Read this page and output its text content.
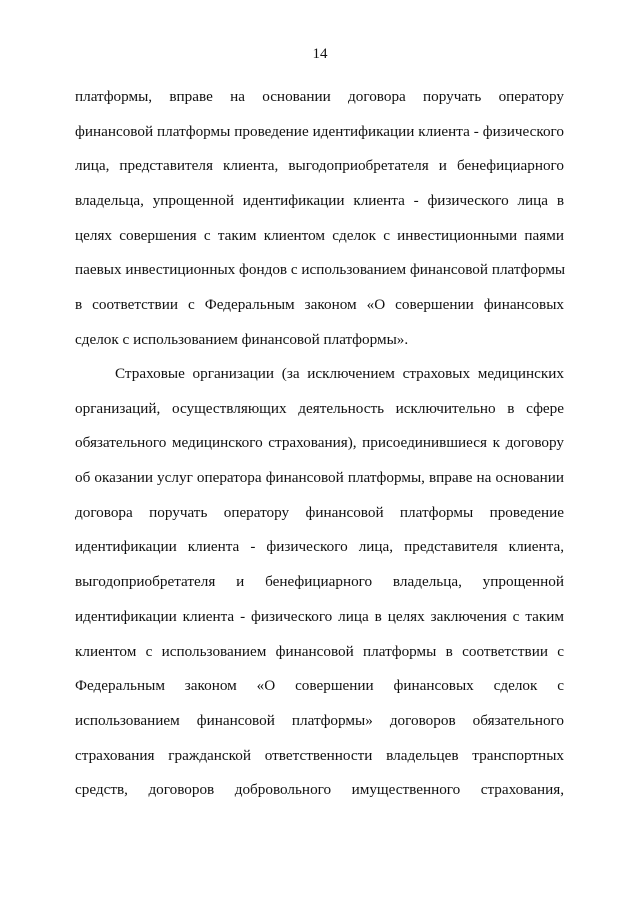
14
платформы, вправе на основании договора поручать оператору
финансовой платформы проведение идентификации клиента - физического
лица, представителя клиента, выгодоприобретателя и бенефициарного
владельца, упрощенной идентификации клиента - физического лица в
целях совершения с таким клиентом сделок с инвестиционными паями
паевых инвестиционных фондов с использованием финансовой платформы
в соответствии с Федеральным законом «О совершении финансовых
сделок с использованием финансовой платформы».
Страховые организации (за исключением страховых медицинских
организаций, осуществляющих деятельность исключительно в сфере
обязательного медицинского страхования), присоединившиеся к договору
об оказании услуг оператора финансовой платформы, вправе на основании
договора поручать оператору финансовой платформы проведение
идентификации клиента - физического лица, представителя клиента,
выгодоприобретателя и бенефициарного владельца, упрощенной
идентификации клиента - физического лица в целях заключения с таким
клиентом с использованием финансовой платформы в соответствии с
Федеральным законом «О совершении финансовых сделок с
использованием финансовой платформы» договоров обязательного
страхования гражданской ответственности владельцев транспортных
средств, договоров добровольного имущественного страхования,
